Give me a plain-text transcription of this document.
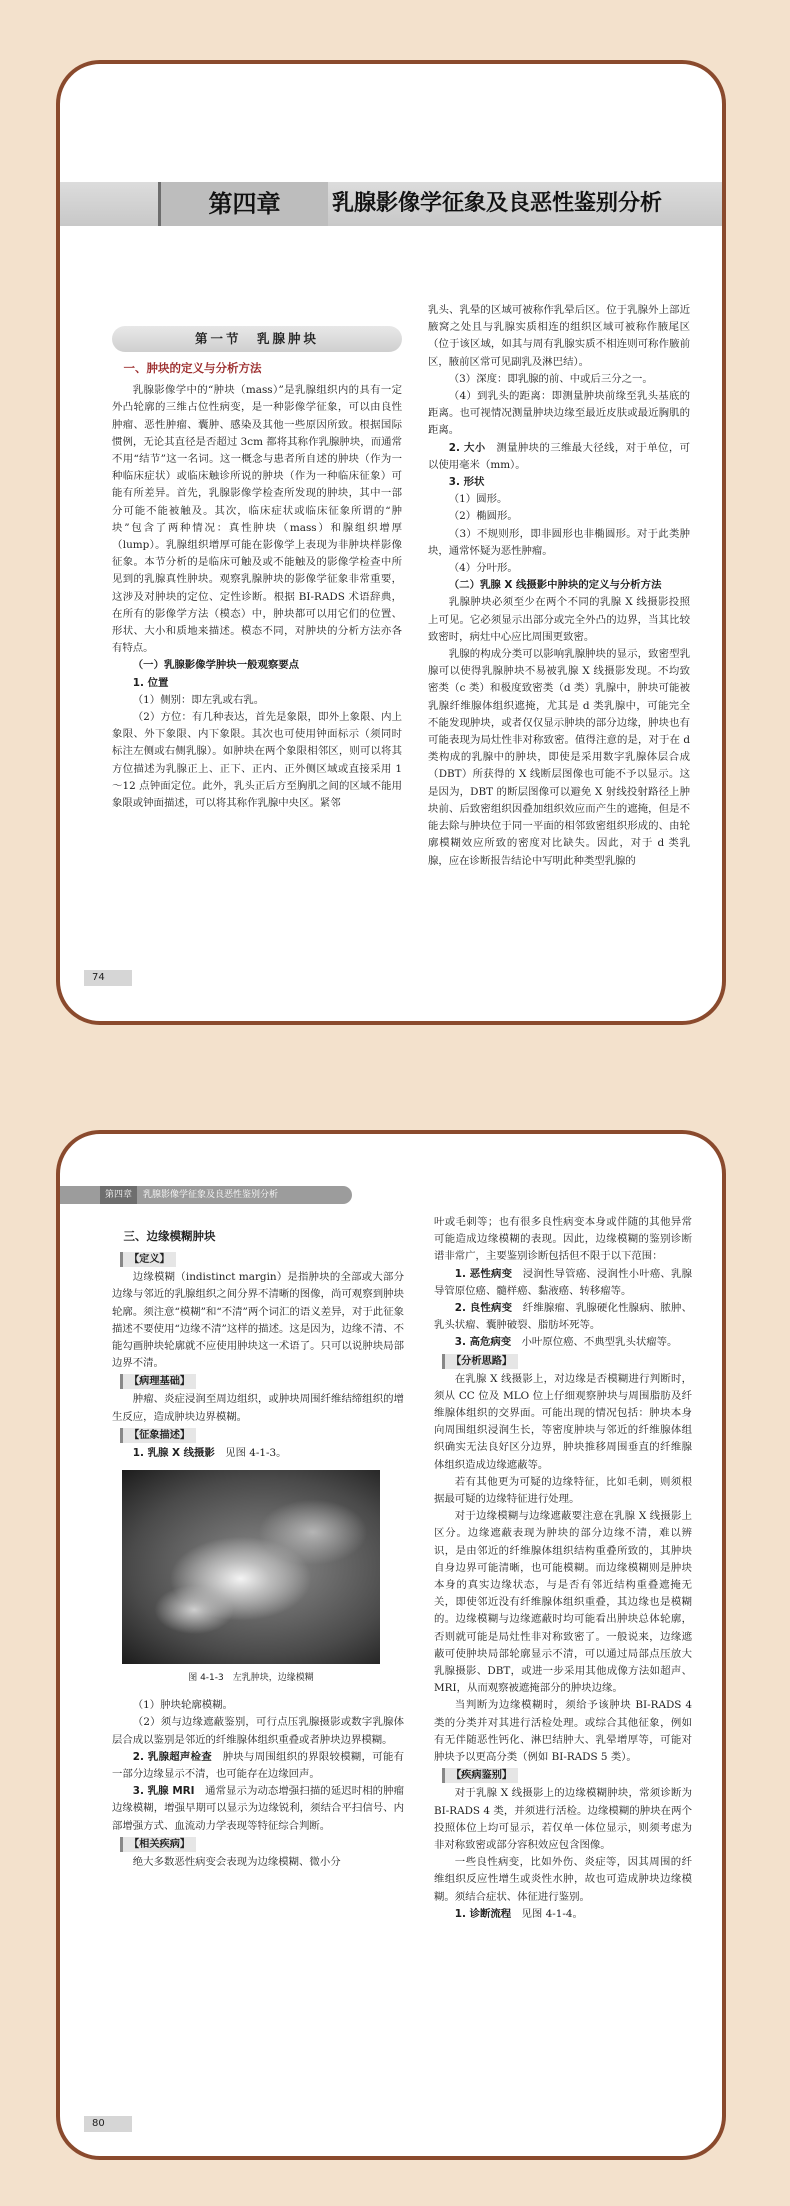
第四章	乳腺影像学征象及良恶性鉴别分析
第一节　乳腺肿块
一、肿块的定义与分析方法

乳腺影像学中的“肿块（mass）”是乳腺组织内的具有一定外凸轮廓的三维占位性病变，是一种影像学征象，可以由良性肿瘤、恶性肿瘤、囊肿、感染及其他一些原因所致。根据国际惯例，无论其直径是否超过 3cm 都将其称作乳腺肿块，而通常不用“结节”这一名词。这一概念与患者所自述的肿块（作为一种临床症状）或临床触诊所说的肿块（作为一种临床征象）可能有所差异。首先，乳腺影像学检查所发现的肿块，其中一部分可能不能被触及。其次，临床症状或临床征象所谓的“肿块”包含了两种情况：真性肿块（mass）和腺组织增厚（lump）。乳腺组织增厚可能在影像学上表现为非肿块样影像征象。本节分析的是临床可触及或不能触及的影像学检查中所见到的乳腺真性肿块。观察乳腺肿块的影像学征象非常重要，这涉及对肿块的定位、定性诊断。根据 BI-RADS 术语辞典，在所有的影像学方法（模态）中，肿块都可以用它们的位置、形状、大小和质地来描述。模态不同，对肿块的分析方法亦各有特点。

（一）乳腺影像学肿块一般观察要点

1. 位置

（1）侧别：即左乳或右乳。

（2）方位：有几种表达，首先是象限，即外上象限、内上象限、外下象限、内下象限。其次也可使用钟面标示（须同时标注左侧或右侧乳腺）。如肿块在两个象限相邻区，则可以将其方位描述为乳腺正上、正下、正内、正外侧区域或直接采用 1～12 点钟面定位。此外，乳头正后方至胸肌之间的区域不能用象限或钟面描述，可以将其称作乳腺中央区。紧邻

乳头、乳晕的区域可被称作乳晕后区。位于乳腺外上部近腋窝之处且与乳腺实质相连的组织区域可被称作腋尾区（位于该区域，如其与周有乳腺实质不相连则可称作腋前区，腋前区常可见副乳及淋巴结）。

（3）深度：即乳腺的前、中或后三分之一。

（4）到乳头的距离：即测量肿块前缘至乳头基底的距离。也可视情况测量肿块边缘至最近皮肤或最近胸肌的距离。

2. 大小　 测量肿块的三维最大径线，对于单位，可以使用毫米（mm）。

3. 形状

（1）圆形。

（2）椭圆形。

（3）不规则形，即非圆形也非椭圆形。对于此类肿块，通常怀疑为恶性肿瘤。

（4）分叶形。

（二）乳腺 X 线摄影中肿块的定义与分析方法

乳腺肿块必须至少在两个不同的乳腺 X 线摄影投照上可见。它必须显示出部分或完全外凸的边界，当其比较致密时，病灶中心应比周围更致密。

乳腺的构成分类可以影响乳腺肿块的显示，致密型乳腺可以使得乳腺肿块不易被乳腺 X 线摄影发现。不均致密类（c 类）和极度致密类（d 类）乳腺中，肿块可能被乳腺纤维腺体组织遮掩，尤其是 d 类乳腺中，可能完全不能发现肿块，或者仅仅显示肿块的部分边缘，肿块也有可能表现为局灶性非对称致密。值得注意的是，对于在 d 类构成的乳腺中的肿块，即使是采用数字乳腺体层合成（DBT）所获得的 X 线断层图像也可能不予以显示。这是因为，DBT 的断层图像可以避免 X 射线投射路径上肿块前、后致密组织因叠加组织效应而产生的遮掩，但是不能去除与肿块位于同一平面的相邻致密组织形成的、由轮廓模糊效应所致的密度对比缺失。因此，对于 d 类乳腺，应在诊断报告结论中写明此种类型乳腺的

74
第四章 乳腺影像学征象及良恶性鉴别分析
三、边缘模糊肿块
【定义】

边缘模糊（indistinct margin）是指肿块的全部或大部分边缘与邻近的乳腺组织之间分界不清晰的图像，尚可观察到肿块轮廓。须注意“模糊”和“不清”两个词汇的语义差异，对于此征象描述不要使用“边缘不清”这样的描述。这是因为，边缘不清、不能勾画肿块轮廓就不应使用肿块这一术语了。只可以说肿块局部边界不清。

【病理基础】

肿瘤、炎症浸润至周边组织，或肿块周围纤维结缔组织的增生反应，造成肿块边界模糊。

【征象描述】

1. 乳腺 X 线摄影　 见图 4-1-3。

图 4-1-3　左乳肿块，边缘模糊

（1）肿块轮廓模糊。

（2）须与边缘遮蔽鉴别，可行点压乳腺摄影或数字乳腺体层合成以鉴别是邻近的纤维腺体组织重叠或者肿块边界模糊。

2. 乳腺超声检查　 肿块与周围组织的界限较模糊，可能有一部分边缘显示不清，也可能存在边缘回声。

3. 乳腺 MRI　 通常显示为动态增强扫描的延迟时相的肿瘤边缘模糊，增强早期可以显示为边缘锐利，须结合平扫信号、内部增强方式、血流动力学表现等特征综合判断。

【相关疾病】

绝大多数恶性病变会表现为边缘模糊、微小分

叶或毛刺等；也有很多良性病变本身或伴随的其他异常可能造成边缘模糊的表现。因此，边缘模糊的鉴别诊断谱非常广，主要鉴别诊断包括但不限于以下范围：

1. 恶性病变　 浸润性导管癌、浸润性小叶癌、乳腺导管原位癌、髓样癌、黏液癌、转移瘤等。

2. 良性病变　 纤维腺瘤、乳腺硬化性腺病、脓肿、乳头状瘤、囊肿破裂、脂肪坏死等。

3. 高危病变　 小叶原位癌、不典型乳头状瘤等。

【分析思路】

在乳腺 X 线摄影上，对边缘是否模糊进行判断时，须从 CC 位及 MLO 位上仔细观察肿块与周围脂肪及纤维腺体组织的交界面。可能出现的情况包括：肿块本身向周围组织浸润生长，等密度肿块与邻近的纤维腺体组织确实无法良好区分边界，肿块推移周围垂直的纤维腺体组织造成边缘遮蔽等。

若有其他更为可疑的边缘特征，比如毛刺，则须根据最可疑的边缘特征进行处理。

对于边缘模糊与边缘遮蔽要注意在乳腺 X 线摄影上区分。边缘遮蔽表现为肿块的部分边缘不清，难以辨识，是由邻近的纤维腺体组织结构重叠所致的，其肿块自身边界可能清晰，也可能模糊。而边缘模糊则是肿块本身的真实边缘状态，与是否有邻近结构重叠遮掩无关，即使邻近没有纤维腺体组织重叠，其边缘也是模糊的。边缘模糊与边缘遮蔽时均可能看出肿块总体轮廓，否则就可能是局灶性非对称致密了。一般说来，边缘遮蔽可使肿块局部轮廓显示不清，可以通过局部点压放大乳腺摄影、DBT，或进一步采用其他成像方法如超声、MRI，从而观察被遮掩部分的肿块边缘。

当判断为边缘模糊时，须给予该肿块 BI-RADS 4 类的分类并对其进行活检处理。或综合其他征象，例如有无伴随恶性钙化、淋巴结肿大、乳晕增厚等，可能对肿块予以更高分类（例如 BI-RADS 5 类）。

【疾病鉴别】

对于乳腺 X 线摄影上的边缘模糊肿块，常须诊断为 BI-RADS 4 类，并须进行活检。边缘模糊的肿块在两个投照体位上均可显示，若仅单一体位显示，则须考虑为非对称致密或部分容积效应包含图像。

一些良性病变，比如外伤、炎症等，因其周围的纤维组织反应性增生或炎性水肿，故也可造成肿块边缘模糊。须结合症状、体征进行鉴别。

1. 诊断流程　 见图 4-1-4。

80
